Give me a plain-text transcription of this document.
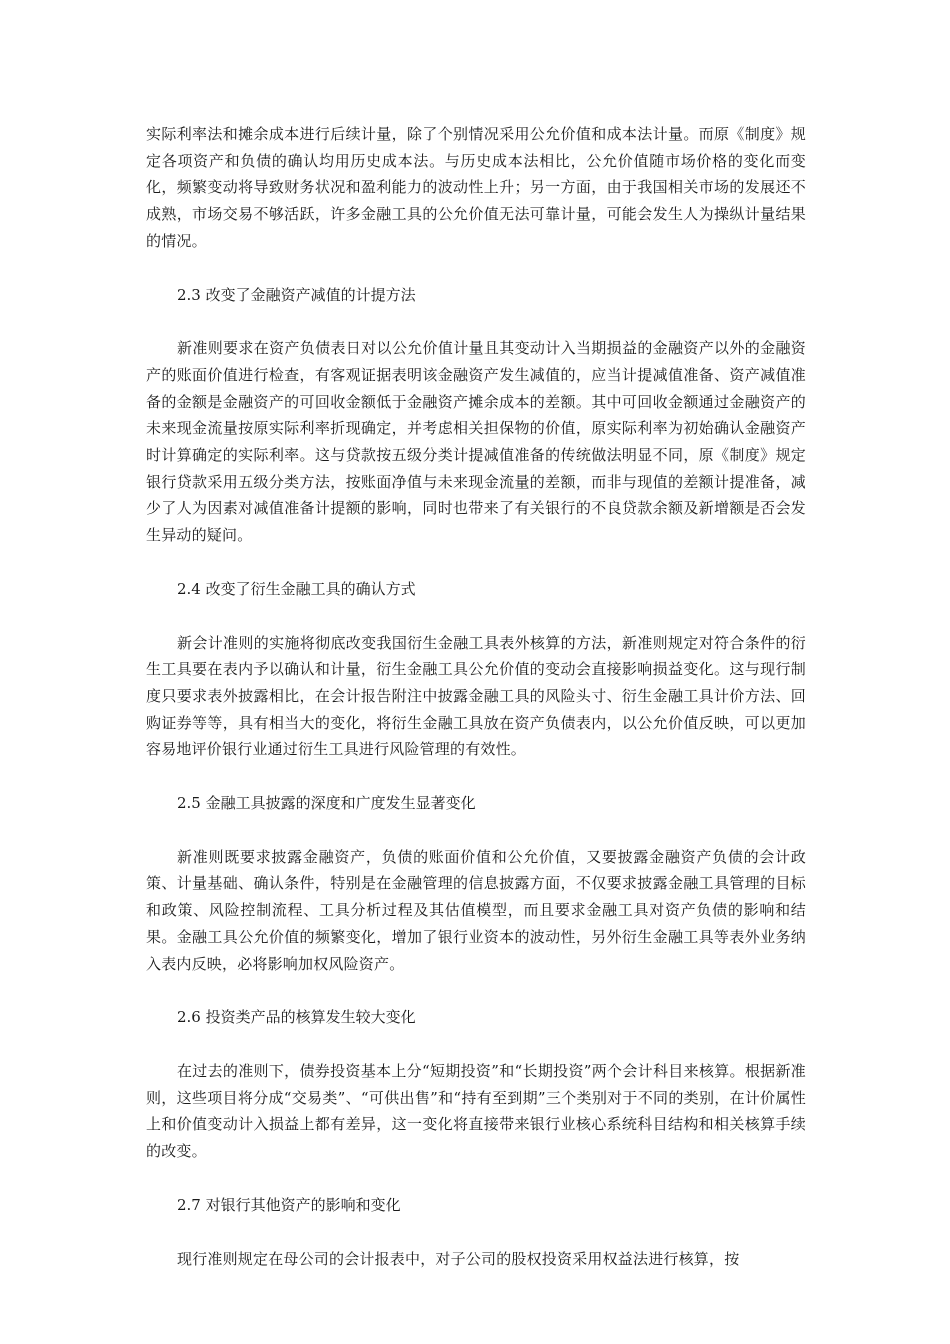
实际利率法和摊余成本进行后续计量，除了个别情况采用公允价值和成本法计量。而原《制度》规定各项资产和负债的确认均用历史成本法。与历史成本法相比，公允价值随市场价格的变化而变化，频繁变动将导致财务状况和盈利能力的波动性上升；另一方面，由于我国相关市场的发展还不成熟，市场交易不够活跃，许多金融工具的公允价值无法可靠计量，可能会发生人为操纵计量结果的情况。

2.3 改变了金融资产减值的计提方法

新准则要求在资产负债表日对以公允价值计量且其变动计入当期损益的金融资产以外的金融资产的账面价值进行检查，有客观证据表明该金融资产发生减值的，应当计提减值准备、资产减值准备的金额是金融资产的可回收金额低于金融资产摊余成本的差额。其中可回收金额通过金融资产的未来现金流量按原实际利率折现确定，并考虑相关担保物的价值，原实际利率为初始确认金融资产时计算确定的实际利率。这与贷款按五级分类计提减值准备的传统做法明显不同，原《制度》规定银行贷款采用五级分类方法，按账面净值与未来现金流量的差额，而非与现值的差额计提准备，减少了人为因素对减值准备计提额的影响，同时也带来了有关银行的不良贷款余额及新增额是否会发生异动的疑问。

2.4 改变了衍生金融工具的确认方式

新会计准则的实施将彻底改变我国衍生金融工具表外核算的方法，新准则规定对符合条件的衍生工具要在表内予以确认和计量，衍生金融工具公允价值的变动会直接影响损益变化。这与现行制度只要求表外披露相比，在会计报告附注中披露金融工具的风险头寸、衍生金融工具计价方法、回购证券等等，具有相当大的变化，将衍生金融工具放在资产负债表内，以公允价值反映，可以更加容易地评价银行业通过衍生工具进行风险管理的有效性。

2.5 金融工具披露的深度和广度发生显著变化

新准则既要求披露金融资产，负债的账面价值和公允价值，又要披露金融资产负债的会计政策、计量基础、确认条件，特别是在金融管理的信息披露方面，不仅要求披露金融工具管理的目标和政策、风险控制流程、工具分析过程及其估值模型，而且要求金融工具对资产负债的影响和结果。金融工具公允价值的频繁变化，增加了银行业资本的波动性，另外衍生金融工具等表外业务纳入表内反映，必将影响加权风险资产。

2.6 投资类产品的核算发生较大变化

在过去的准则下，债券投资基本上分“短期投资”和“长期投资”两个会计科目来核算。根据新准则，这些项目将分成“交易类”、“可供出售”和“持有至到期”三个类别对于不同的类别，在计价属性上和价值变动计入损益上都有差异，这一变化将直接带来银行业核心系统科目结构和相关核算手续的改变。

2.7 对银行其他资产的影响和变化

现行准则规定在母公司的会计报表中，对子公司的股权投资采用权益法进行核算，按
